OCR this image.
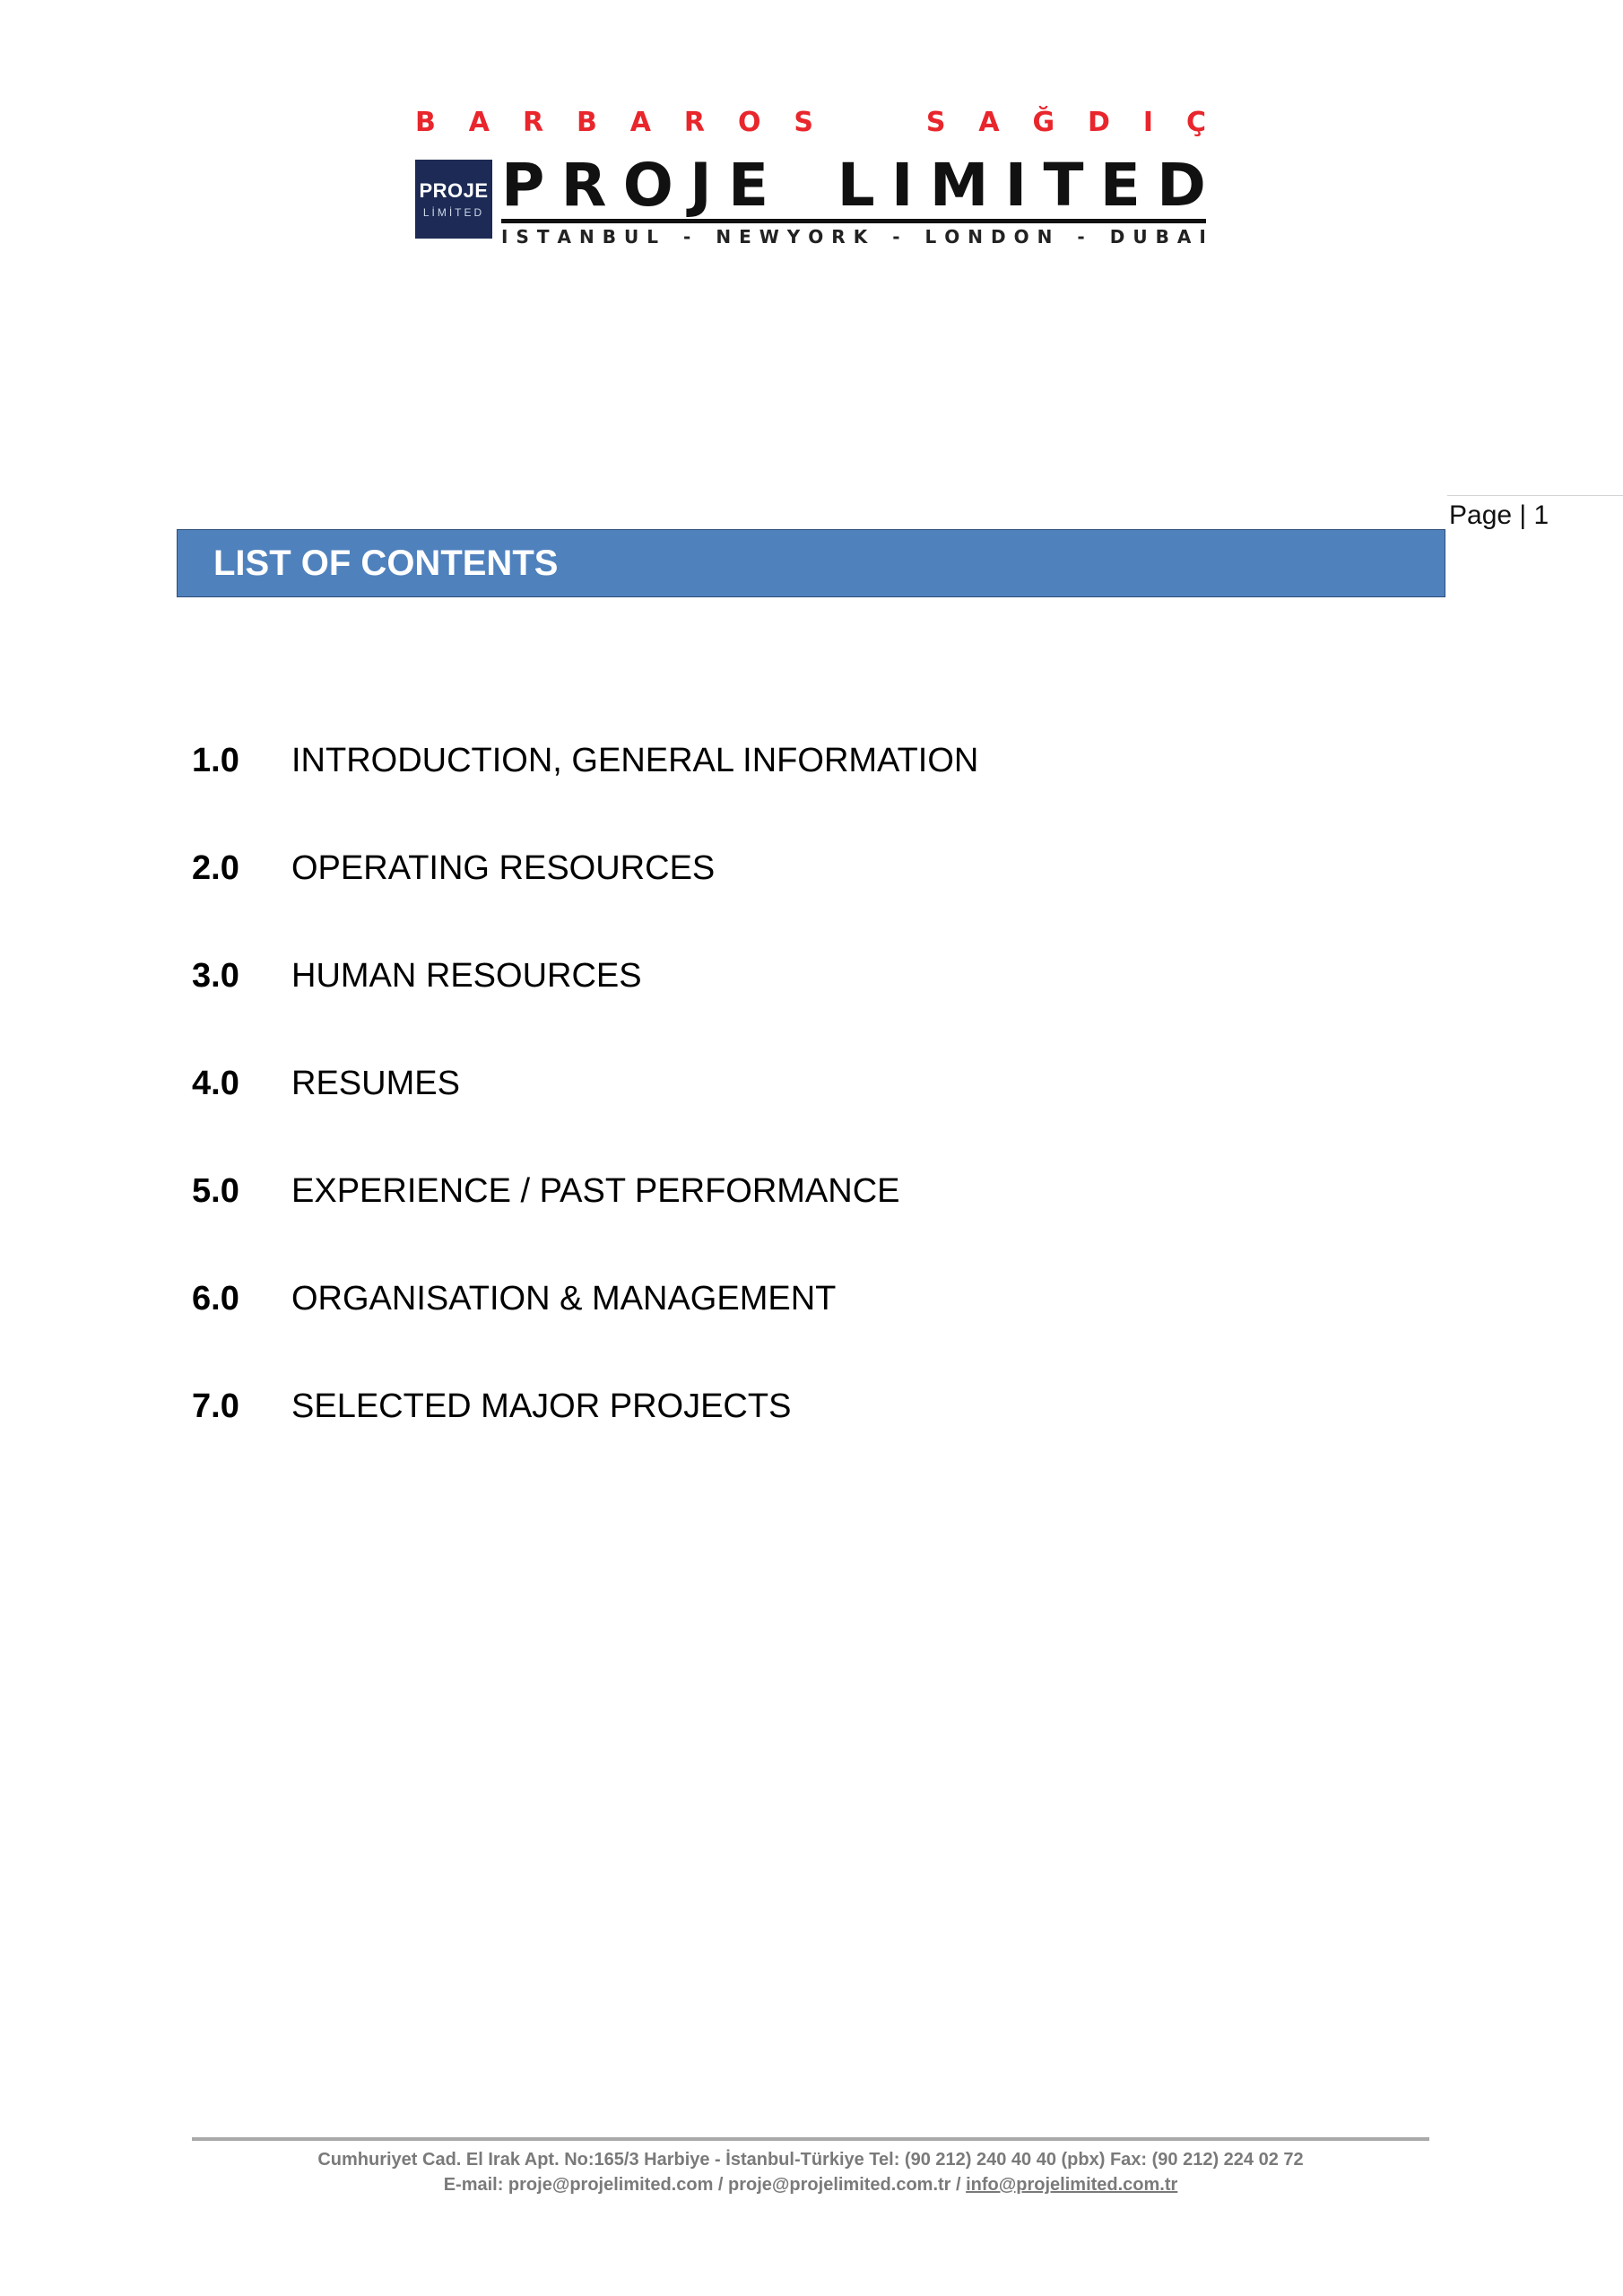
B A R B A R O S	S A Ğ D I Ç
PROJE
LİMİTED P R O J E L I M I T E D
I S T A N B U L - N E W Y O R K - L O N D O N - D U B A I
Page | 1
LIST OF CONTENTS
1.0 INTRODUCTION, GENERAL INFORMATION
2.0 OPERATING RESOURCES
3.0 HUMAN RESOURCES
4.0 RESUMES
5.0 EXPERIENCE / PAST PERFORMANCE
6.0 ORGANISATION & MANAGEMENT
7.0 SELECTED MAJOR PROJECTS
Cumhuriyet Cad. El Irak Apt. No:165/3 Harbiye - İstanbul-Türkiye Tel: (90 212) 240 40 40 (pbx) Fax: (90 212) 224 02 72
E-mail: proje@projelimited.com / proje@projelimited.com.tr / info@projelimited.com.tr
